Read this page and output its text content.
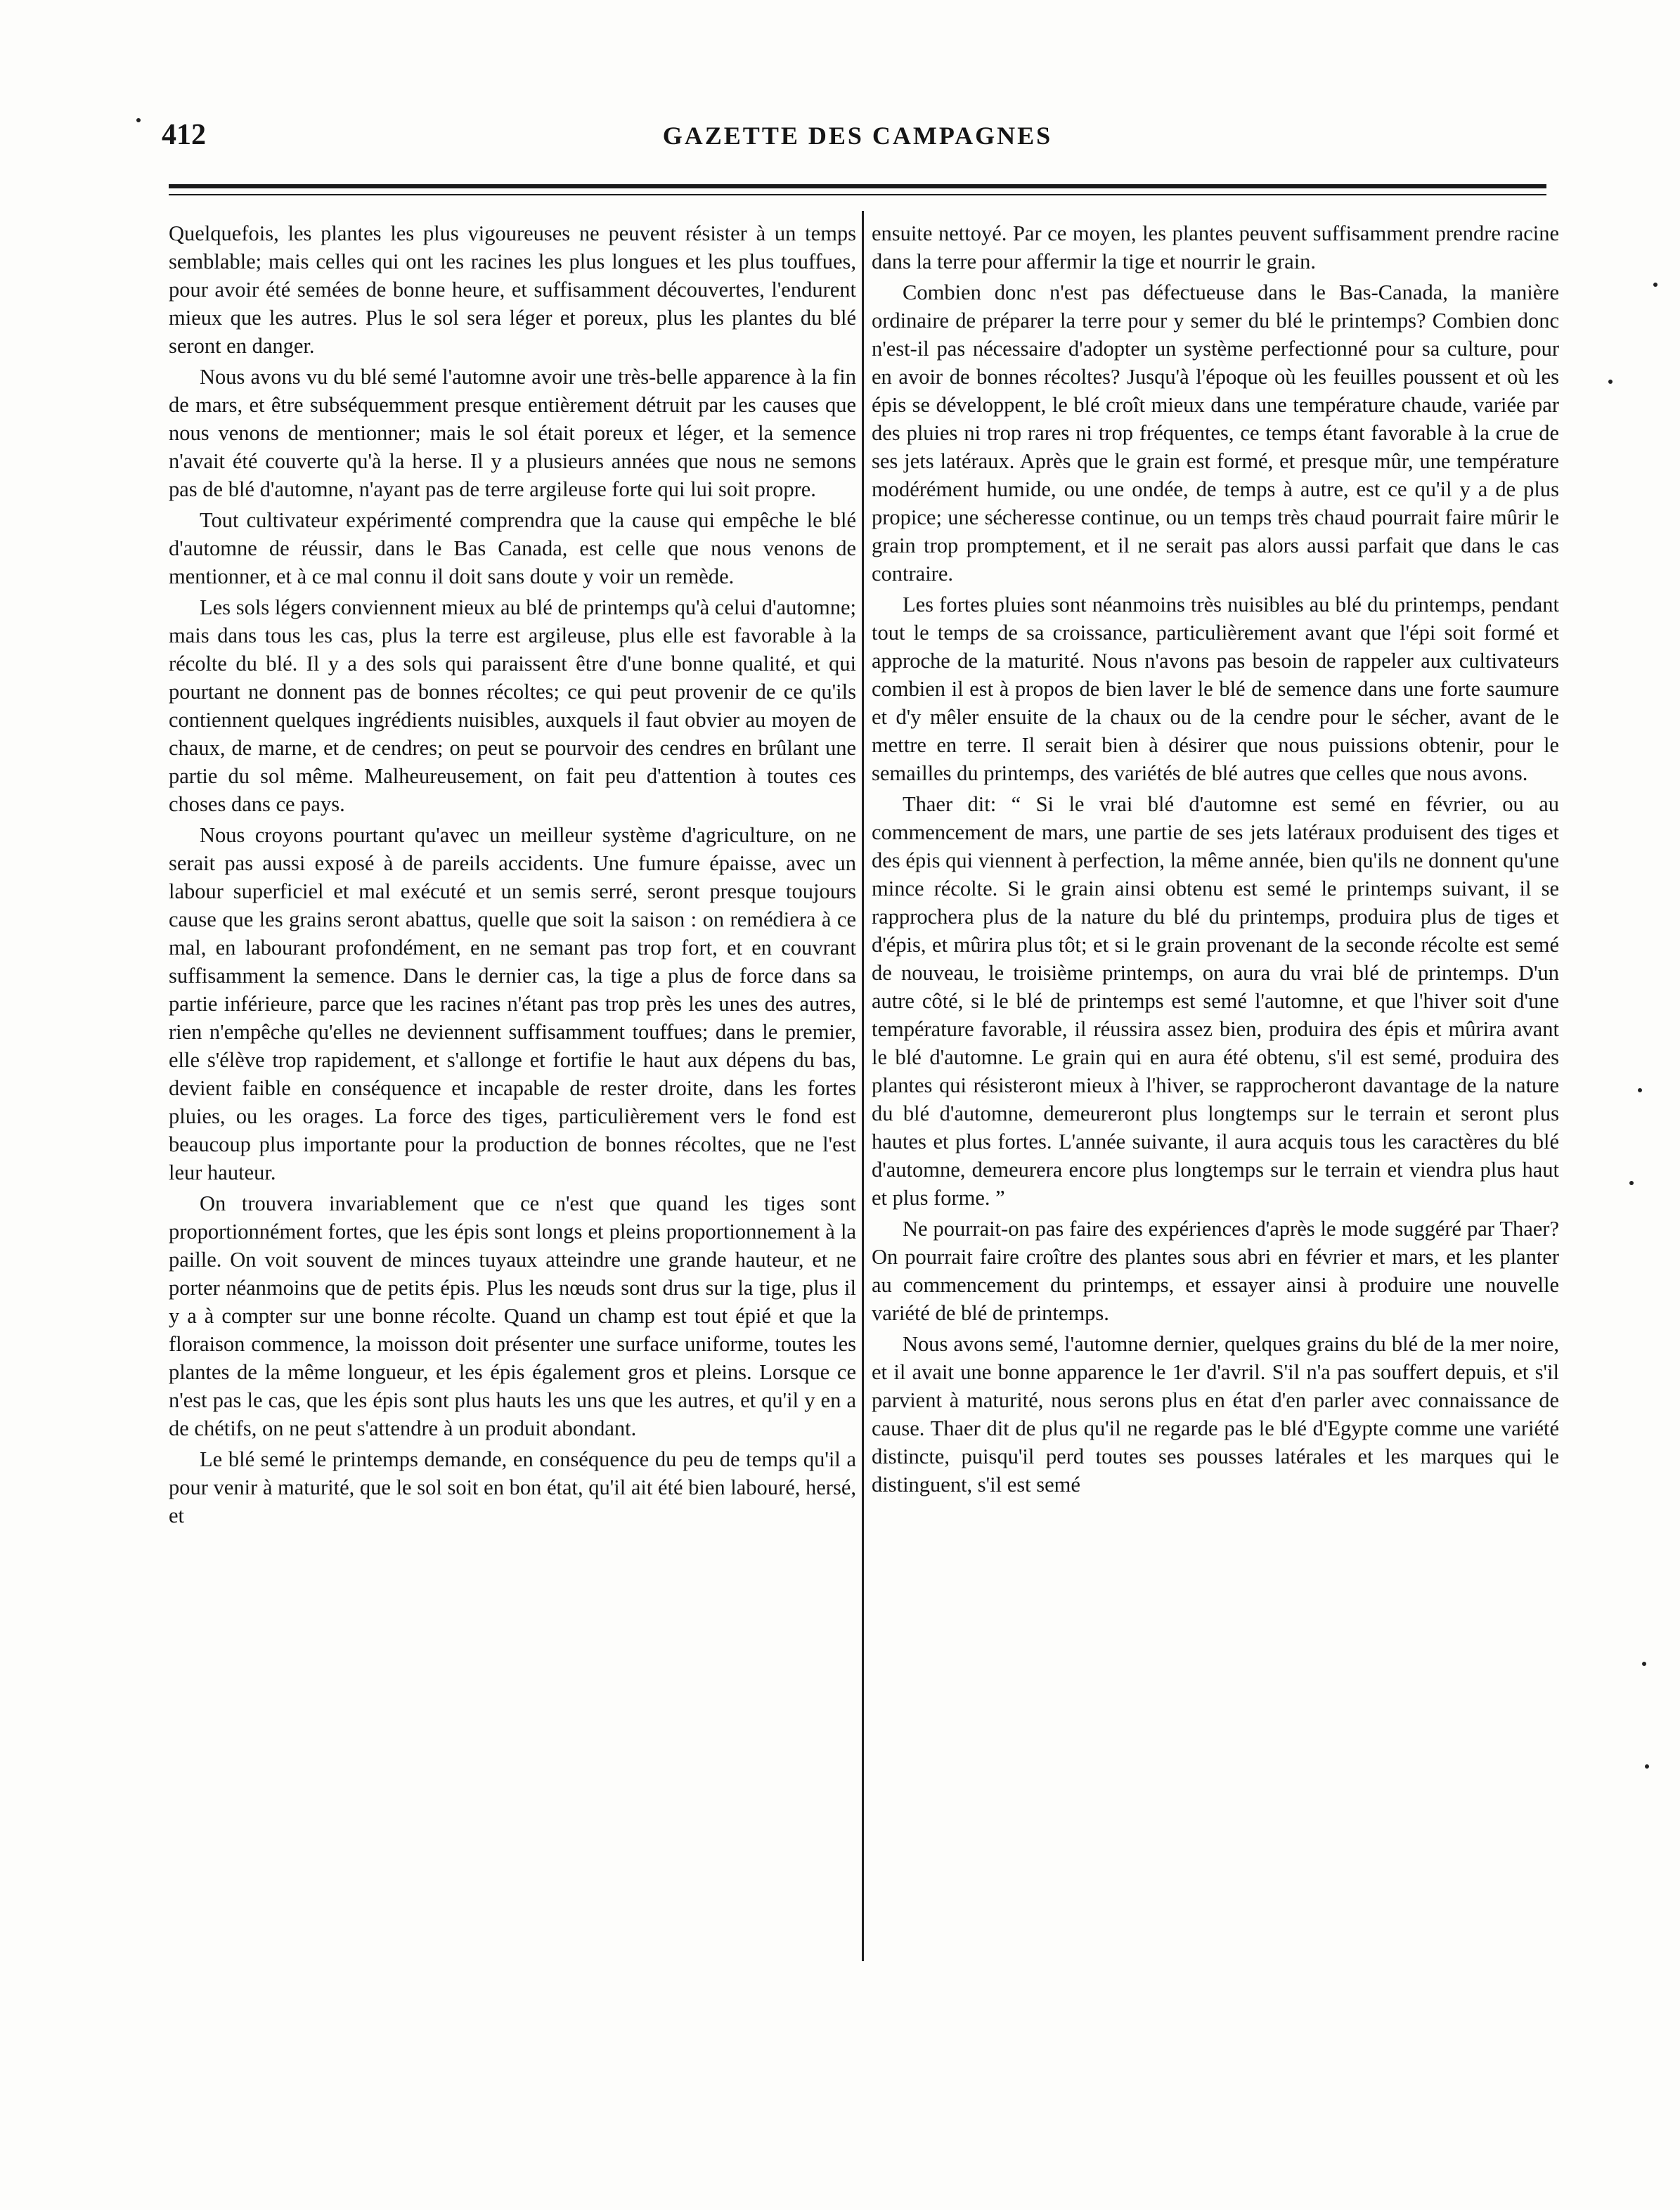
412	GAZETTE DES CAMPAGNES

Quelquefois, les plantes les plus vigoureuses ne peuvent résister à un temps semblable; mais celles qui ont les racines les plus longues et les plus touffues, pour avoir été semées de bonne heure, et suffisamment découvertes, l'endurent mieux que les autres. Plus le sol sera léger et poreux, plus les plantes du blé seront en danger.

Nous avons vu du blé semé l'automne avoir une très-belle apparence à la fin de mars, et être subséquemment presque entièrement détruit par les causes que nous venons de mentionner; mais le sol était poreux et léger, et la semence n'avait été couverte qu'à la herse. Il y a plusieurs années que nous ne semons pas de blé d'automne, n'ayant pas de terre argileuse forte qui lui soit propre.

Tout cultivateur expérimenté comprendra que la cause qui empêche le blé d'automne de réussir, dans le Bas Canada, est celle que nous venons de mentionner, et à ce mal connu il doit sans doute y voir un remède.

Les sols légers conviennent mieux au blé de printemps qu'à celui d'automne; mais dans tous les cas, plus la terre est argileuse, plus elle est favorable à la récolte du blé. Il y a des sols qui paraissent être d'une bonne qualité, et qui pourtant ne donnent pas de bonnes récoltes; ce qui peut provenir de ce qu'ils contiennent quelques ingrédients nuisibles, auxquels il faut obvier au moyen de chaux, de marne, et de cendres; on peut se pourvoir des cendres en brûlant une partie du sol même. Malheureusement, on fait peu d'attention à toutes ces choses dans ce pays.

Nous croyons pourtant qu'avec un meilleur système d'agriculture, on ne serait pas aussi exposé à de pareils accidents. Une fumure épaisse, avec un labour superficiel et mal exécuté et un semis serré, seront presque toujours cause que les grains seront abattus, quelle que soit la saison : on remédiera à ce mal, en labourant profondément, en ne semant pas trop fort, et en couvrant suffisamment la semence. Dans le dernier cas, la tige a plus de force dans sa partie inférieure, parce que les racines n'étant pas trop près les unes des autres, rien n'empêche qu'elles ne deviennent suffisamment touffues; dans le premier, elle s'élève trop rapidement, et s'allonge et fortifie le haut aux dépens du bas, devient faible en conséquence et incapable de rester droite, dans les fortes pluies, ou les orages. La force des tiges, particulièrement vers le fond est beaucoup plus importante pour la production de bonnes récoltes, que ne l'est leur hauteur.

On trouvera invariablement que ce n'est que quand les tiges sont proportionnément fortes, que les épis sont longs et pleins proportionnement à la paille. On voit souvent de minces tuyaux atteindre une grande hauteur, et ne porter néanmoins que de petits épis. Plus les nœuds sont drus sur la tige, plus il y a à compter sur une bonne récolte. Quand un champ est tout épié et que la floraison commence, la moisson doit présenter une surface uniforme, toutes les plantes de la même longueur, et les épis également gros et pleins. Lorsque ce n'est pas le cas, que les épis sont plus hauts les uns que les autres, et qu'il y en a de chétifs, on ne peut s'attendre à un produit abondant.

Le blé semé le printemps demande, en conséquence du peu de temps qu'il a pour venir à maturité, que le sol soit en bon état, qu'il ait été bien labouré, hersé, et

ensuite nettoyé. Par ce moyen, les plantes peuvent suffisamment prendre racine dans la terre pour affermir la tige et nourrir le grain.

Combien donc n'est pas défectueuse dans le Bas-Canada, la manière ordinaire de préparer la terre pour y semer du blé le printemps? Combien donc n'est-il pas nécessaire d'adopter un système perfectionné pour sa culture, pour en avoir de bonnes récoltes? Jusqu'à l'époque où les feuilles poussent et où les épis se développent, le blé croît mieux dans une température chaude, variée par des pluies ni trop rares ni trop fréquentes, ce temps étant favorable à la crue de ses jets latéraux. Après que le grain est formé, et presque mûr, une température modérément humide, ou une ondée, de temps à autre, est ce qu'il y a de plus propice; une sécheresse continue, ou un temps très chaud pourrait faire mûrir le grain trop promptement, et il ne serait pas alors aussi parfait que dans le cas contraire.

Les fortes pluies sont néanmoins très nuisibles au blé du printemps, pendant tout le temps de sa croissance, particulièrement avant que l'épi soit formé et approche de la maturité. Nous n'avons pas besoin de rappeler aux cultivateurs combien il est à propos de bien laver le blé de semence dans une forte saumure et d'y mêler ensuite de la chaux ou de la cendre pour le sécher, avant de le mettre en terre. Il serait bien à désirer que nous puissions obtenir, pour le semailles du printemps, des variétés de blé autres que celles que nous avons.

Thaer dit: “ Si le vrai blé d'automne est semé en février, ou au commencement de mars, une partie de ses jets latéraux produisent des tiges et des épis qui viennent à perfection, la même année, bien qu'ils ne donnent qu'une mince récolte. Si le grain ainsi obtenu est semé le printemps suivant, il se rapprochera plus de la nature du blé du printemps, produira plus de tiges et d'épis, et mûrira plus tôt; et si le grain provenant de la seconde récolte est semé de nouveau, le troisième printemps, on aura du vrai blé de printemps. D'un autre côté, si le blé de printemps est semé l'automne, et que l'hiver soit d'une température favorable, il réussira assez bien, produira des épis et mûrira avant le blé d'automne. Le grain qui en aura été obtenu, s'il est semé, produira des plantes qui résisteront mieux à l'hiver, se rapprocheront davantage de la nature du blé d'automne, demeureront plus longtemps sur le terrain et seront plus hautes et plus fortes. L'année suivante, il aura acquis tous les caractères du blé d'automne, demeurera encore plus longtemps sur le terrain et viendra plus haut et plus forme. ”

Ne pourrait-on pas faire des expériences d'après le mode suggéré par Thaer? On pourrait faire croître des plantes sous abri en février et mars, et les planter au commencement du printemps, et essayer ainsi à produire une nouvelle variété de blé de printemps.

Nous avons semé, l'automne dernier, quelques grains du blé de la mer noire, et il avait une bonne apparence le 1er d'avril. S'il n'a pas souffert depuis, et s'il parvient à maturité, nous serons plus en état d'en parler avec connaissance de cause. Thaer dit de plus qu'il ne regarde pas le blé d'Egypte comme une variété distincte, puisqu'il perd toutes ses pousses latérales et les marques qui le distinguent, s'il est semé
